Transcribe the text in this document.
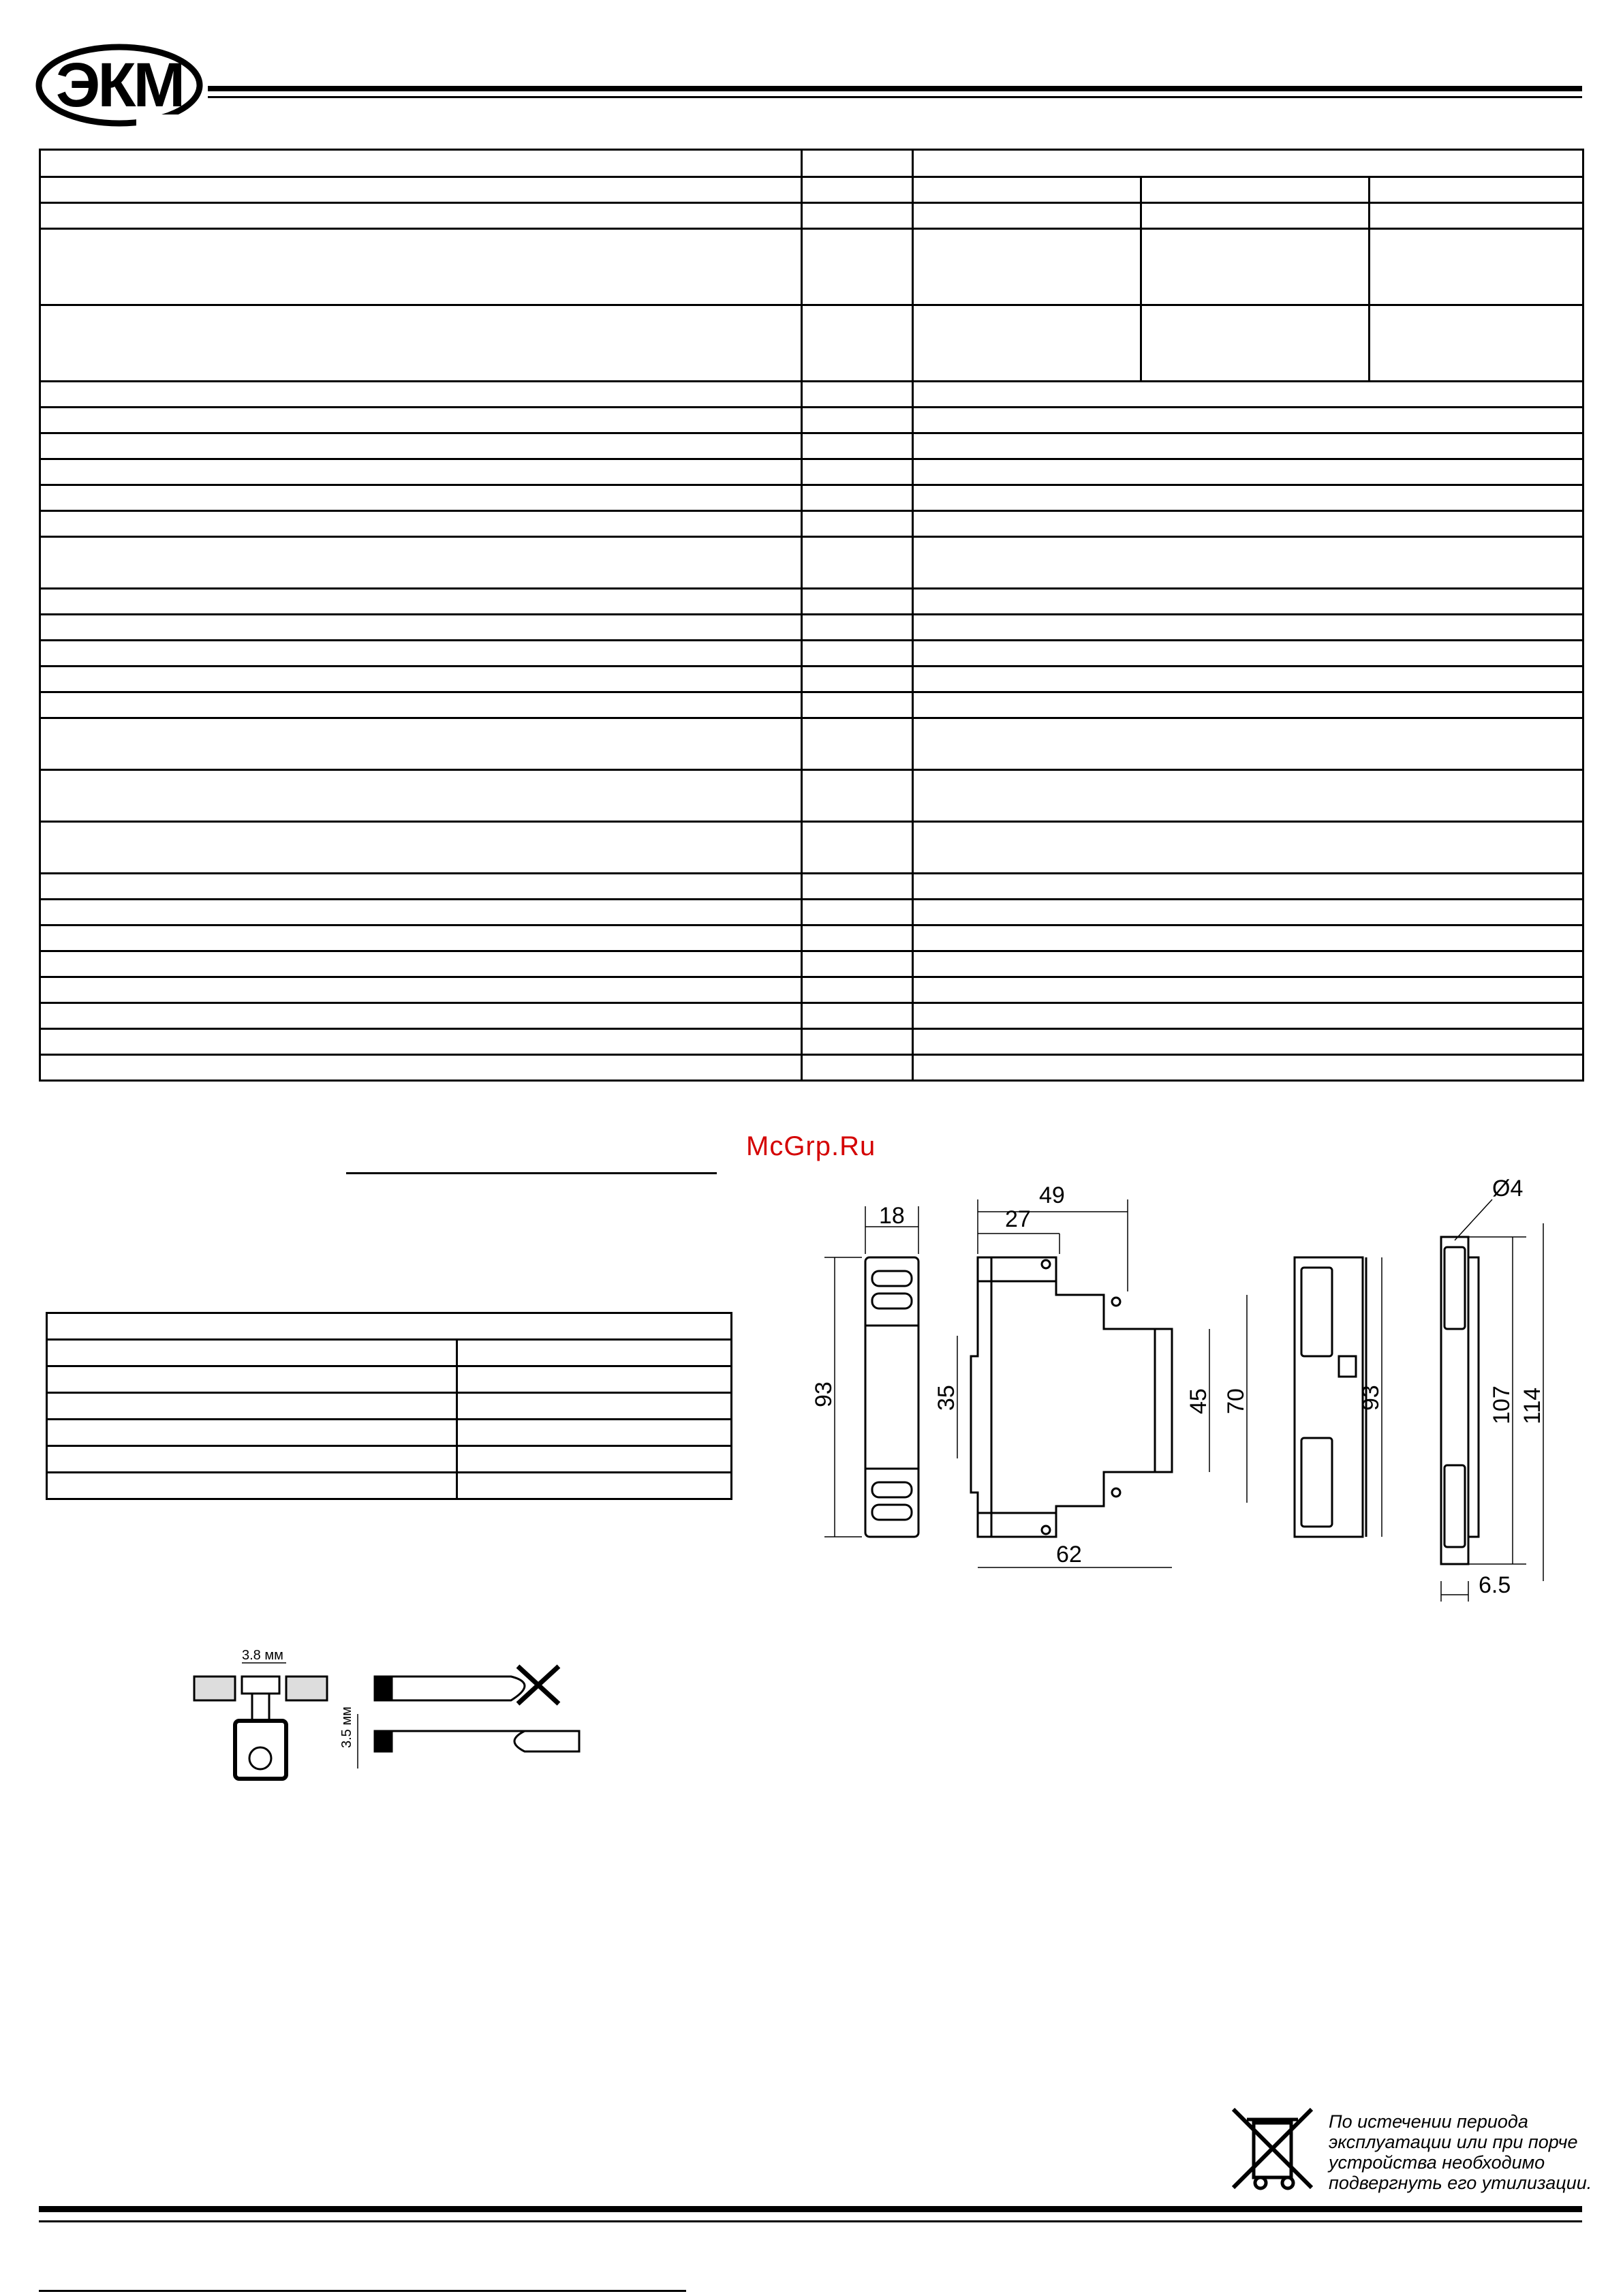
ЭКМ

McGrp.Ru

18
93
49
27
35	45 70
62
93
Ø4
107 114
6.5
3.8 мм
3.5 мм
По истечении периода
эксплуатации или при порче
устройства необходимо
подвергнуть его утилизации.
